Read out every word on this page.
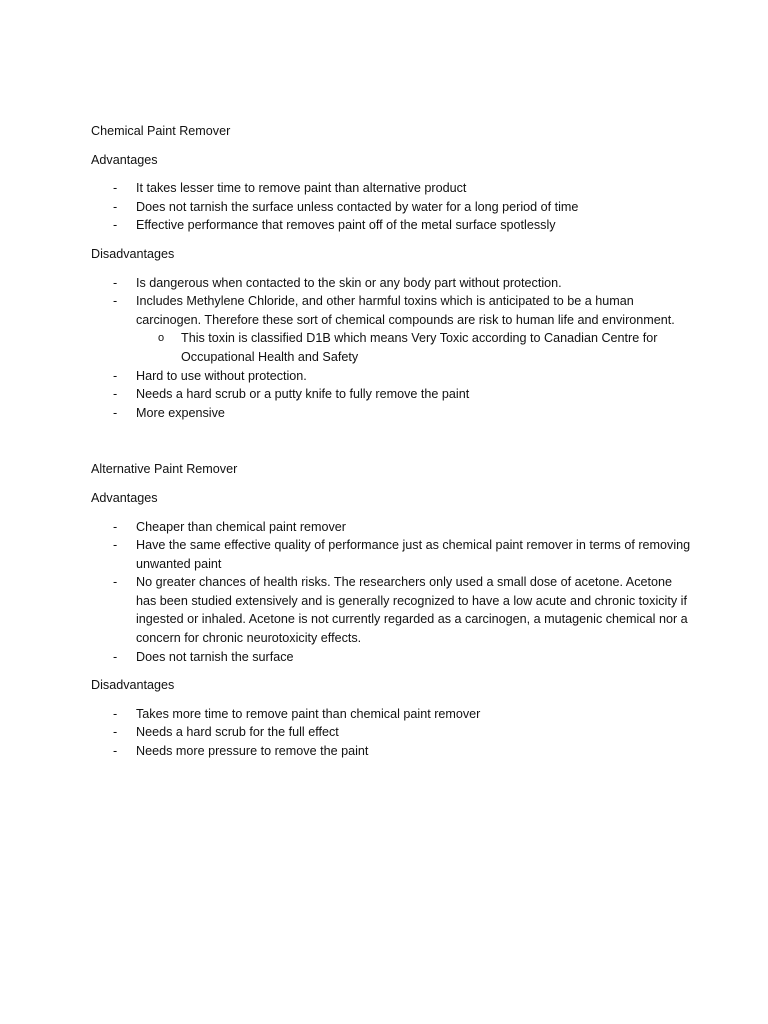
Chemical Paint Remover
Advantages
- It takes lesser time to remove paint than alternative product
- Does not tarnish the surface unless contacted by water for a long period of time
- Effective performance that removes paint off of the metal surface spotlessly
Disadvantages
- Is dangerous when contacted to the skin or any body part without protection.
- Includes Methylene Chloride, and other harmful toxins which is anticipated to be a human carcinogen. Therefore these sort of chemical compounds are risk to human life and environment.
o This toxin is classified D1B which means Very Toxic according to Canadian Centre for Occupational Health and Safety
- Hard to use without protection.
- Needs a hard scrub or a putty knife to fully remove the paint
- More expensive
Alternative Paint Remover
Advantages
- Cheaper than chemical paint remover
- Have the same effective quality of performance just as chemical paint remover in terms of removing unwanted paint
- No greater chances of health risks. The researchers only used a small dose of acetone. Acetone has been studied extensively and is generally recognized to have a low acute and chronic toxicity if ingested or inhaled. Acetone is not currently regarded as a carcinogen, a mutagenic chemical nor a concern for chronic neurotoxicity effects.
- Does not tarnish the surface
Disadvantages
- Takes more time to remove paint than chemical paint remover
- Needs a hard scrub for the full effect
- Needs more pressure to remove the paint
